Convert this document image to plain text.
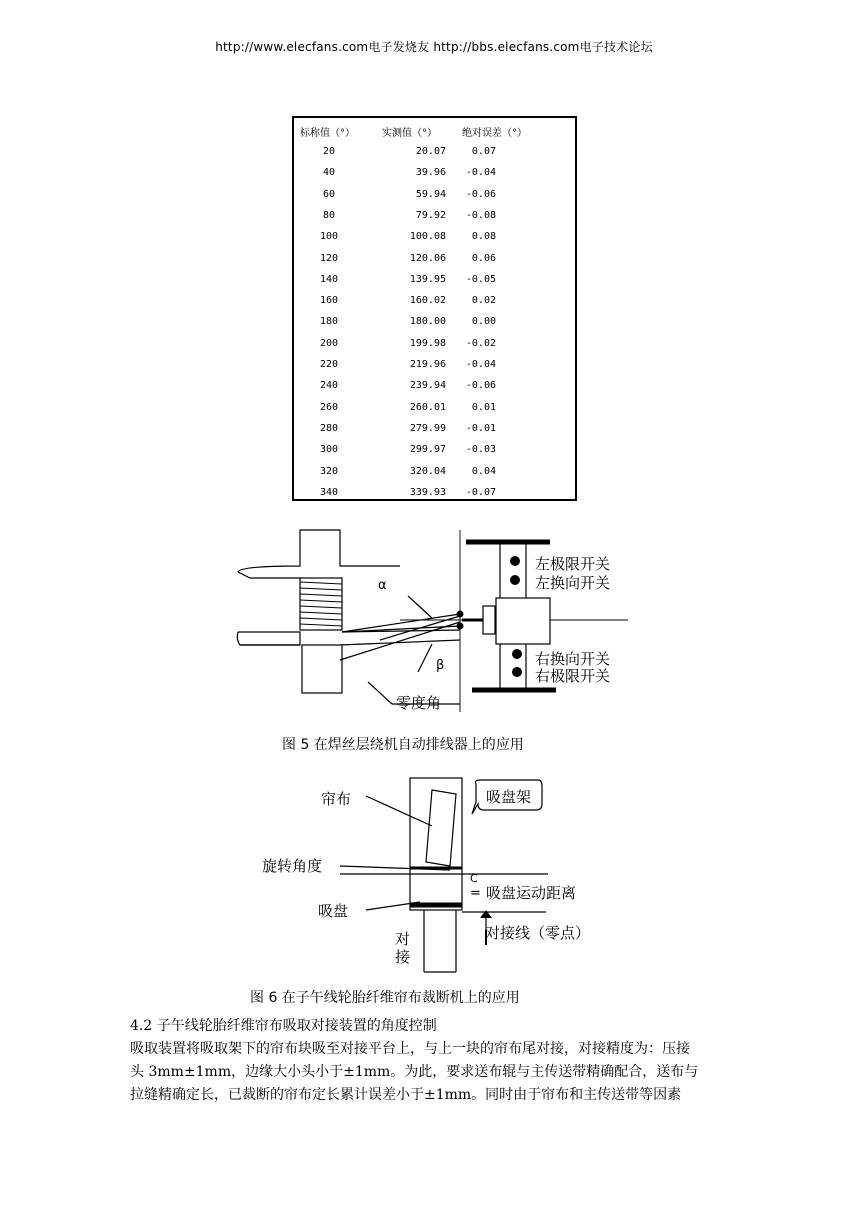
http://www.elecfans.com电子发烧友 http://bbs.elecfans.com电子技术论坛
标称值（°）	实测值（°）	绝对误差（°）
20	20.07	0.07
40	39.96	-0.04
60	59.94	-0.06
80	79.92	-0.08
100	100.08	0.08
120	120.06	0.06
140	139.95	-0.05
160	160.02	0.02
180	180.00	0.00
200	199.98	-0.02
220	219.96	-0.04
240	239.94	-0.06
260	260.01	0.01
280	279.99	-0.01
300	299.97	-0.03
320	320.04	0.04
340	339.93	-0.07
α
β
左极限开关
左换向开关
右换向开关
右极限开关
零度角
图 5 在焊丝层绕机自动排线器上的应用
帘布	吸盘架
旋转角度
C
= 吸盘运动距离
吸盘
对
接
对接线（零点）
图 6 在子午线轮胎纤维帘布裁断机上的应用
4.2 子午线轮胎纤维帘布吸取对接装置的角度控制
吸取装置将吸取架下的帘布块吸至对接平台上，与上一块的帘布尾对接，对接精度为：压接
头 3mm±1mm，边缘大小头小于±1mm。为此，要求送布辊与主传送带精确配合，送布与
拉缝精确定长，已裁断的帘布定长累计误差小于±1mm。同时由于帘布和主传送带等因素
